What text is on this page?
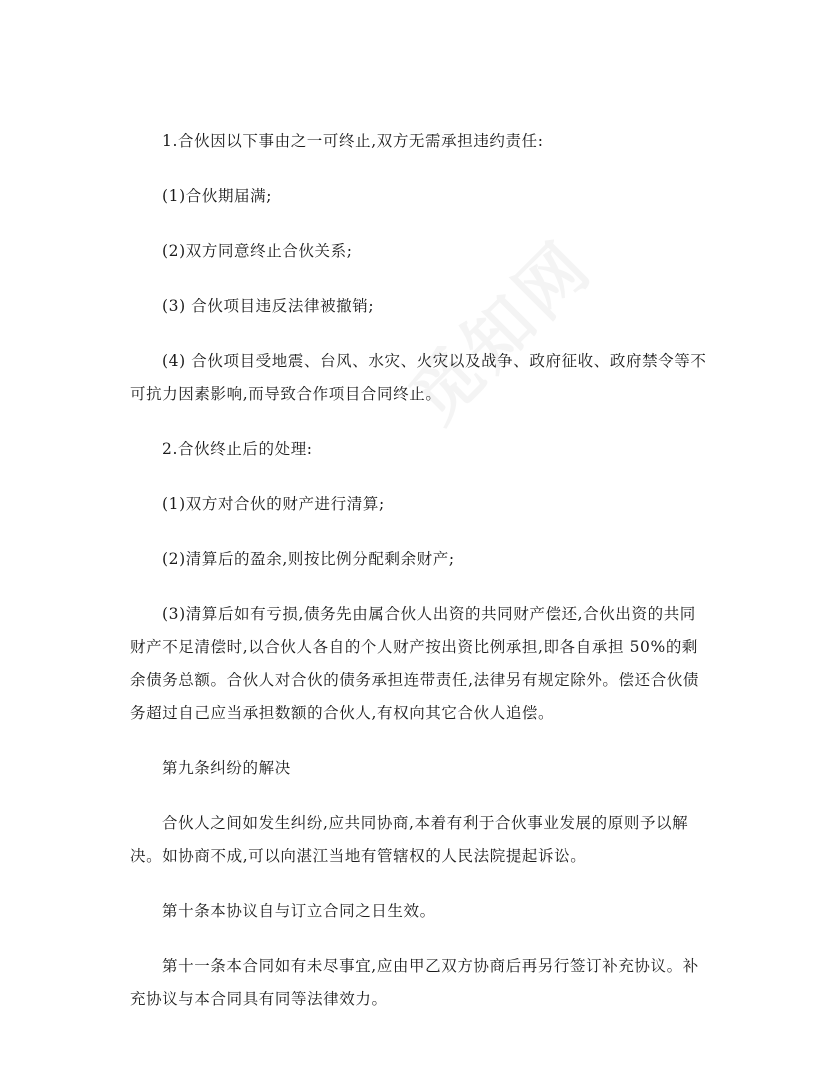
1.合伙因以下事由之一可终止,双方无需承担违约责任:

(1)合伙期届满;

(2)双方同意终止合伙关系;

(3) 合伙项目违反法律被撤销;

(4) 合伙项目受地震、台风、水灾、火灾以及战争、政府征收、政府禁令等不可抗力因素影响,而导致合作项目合同终止。

2.合伙终止后的处理:

(1)双方对合伙的财产进行清算;

(2)清算后的盈余,则按比例分配剩余财产;

(3)清算后如有亏损,债务先由属合伙人出资的共同财产偿还,合伙出资的共同财产不足清偿时,以合伙人各自的个人财产按出资比例承担,即各自承担 50%的剩余债务总额。合伙人对合伙的债务承担连带责任,法律另有规定除外。偿还合伙债务超过自己应当承担数额的合伙人,有权向其它合伙人追偿。

第九条纠纷的解决

合伙人之间如发生纠纷,应共同协商,本着有利于合伙事业发展的原则予以解决。如协商不成,可以向湛江当地有管辖权的人民法院提起诉讼。

第十条本协议自与订立合同之日生效。

第十一条本合同如有未尽事宜,应由甲乙双方协商后再另行签订补充协议。补充协议与本合同具有同等法律效力。
